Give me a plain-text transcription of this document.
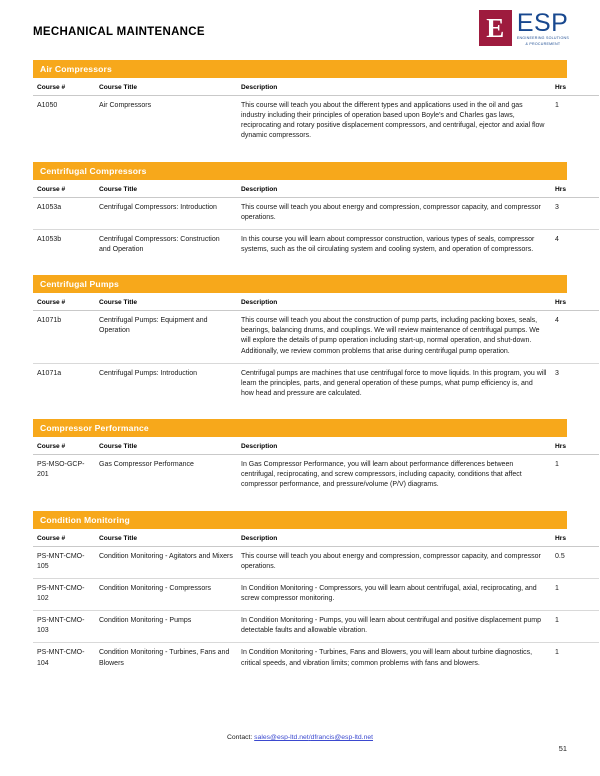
MECHANICAL MAINTENANCE	E ESP
ENGINEERING SOLUTIONS
& PROCUREMENT
Air Compressors
Course #	Course Title	Description	Hrs
A1050	Air Compressors	This course will teach you about the different types and applications used in the oil and gas industry including their principles of operation based upon Boyle's and Charles gas laws, reciprocating and rotary positive displacement compressors, and centrifugal, ejector and axial flow dynamic compressors.	1
Centrifugal Compressors
Course #	Course Title	Description	Hrs
A1053a	Centrifugal Compressors: Introduction	This course will teach you about energy and compression, compressor capacity, and compressor operations.	3
A1053b	Centrifugal Compressors: Construction and Operation	In this course you will learn about compressor construction, various types of seals, compressor systems, such as the oil circulating system and cooling system, and operation of compressors.	4
Centrifugal Pumps
Course #	Course Title	Description	Hrs
A1071b	Centrifugal Pumps: Equipment and Operation	This course will teach you about the construction of pump parts, including packing boxes, seals, bearings, balancing drums, and couplings. We will review maintenance of centrifugal pumps. We will explore the details of pump operation including start-up, normal operation, and shut-down. Additionally, we review common problems that arise during centrifugal pump operation.	4
A1071a	Centrifugal Pumps: Introduction	Centrifugal pumps are machines that use centrifugal force to move liquids. In this program, you will learn the principles, parts, and general operation of these pumps, what pump efficiency is, and how head and pressure are calculated.	3
Compressor Performance
Course #	Course Title	Description	Hrs
PS-MSO-GCP-201	Gas Compressor Performance	In Gas Compressor Performance, you will learn about performance differences between centrifugal, reciprocating, and screw compressors, including capacity, conditions that affect compressor performance, and pressure/volume (P/V) diagrams.	1
Condition Monitoring
Course #	Course Title	Description	Hrs
PS-MNT-CMO-105	Condition Monitoring - Agitators and Mixers	This course will teach you about energy and compression, compressor capacity, and compressor operations.	0.5
PS-MNT-CMO-102	Condition Monitoring - Compressors	In Condition Monitoring - Compressors, you will learn about centrifugal, axial, reciprocating, and screw compressor monitoring.	1
PS-MNT-CMO-103	Condition Monitoring - Pumps	In Condition Monitoring - Pumps, you will learn about centrifugal and positive displacement pump detectable faults and allowable vibration.	1
PS-MNT-CMO-104	Condition Monitoring - Turbines, Fans and Blowers	In Condition Monitoring - Turbines, Fans and Blowers, you will learn about turbine diagnostics, critical speeds, and vibration limits; common problems with fans and blowers.	1
Contact: sales@esp-ltd.net/dfrancis@esp-ltd.net
51
